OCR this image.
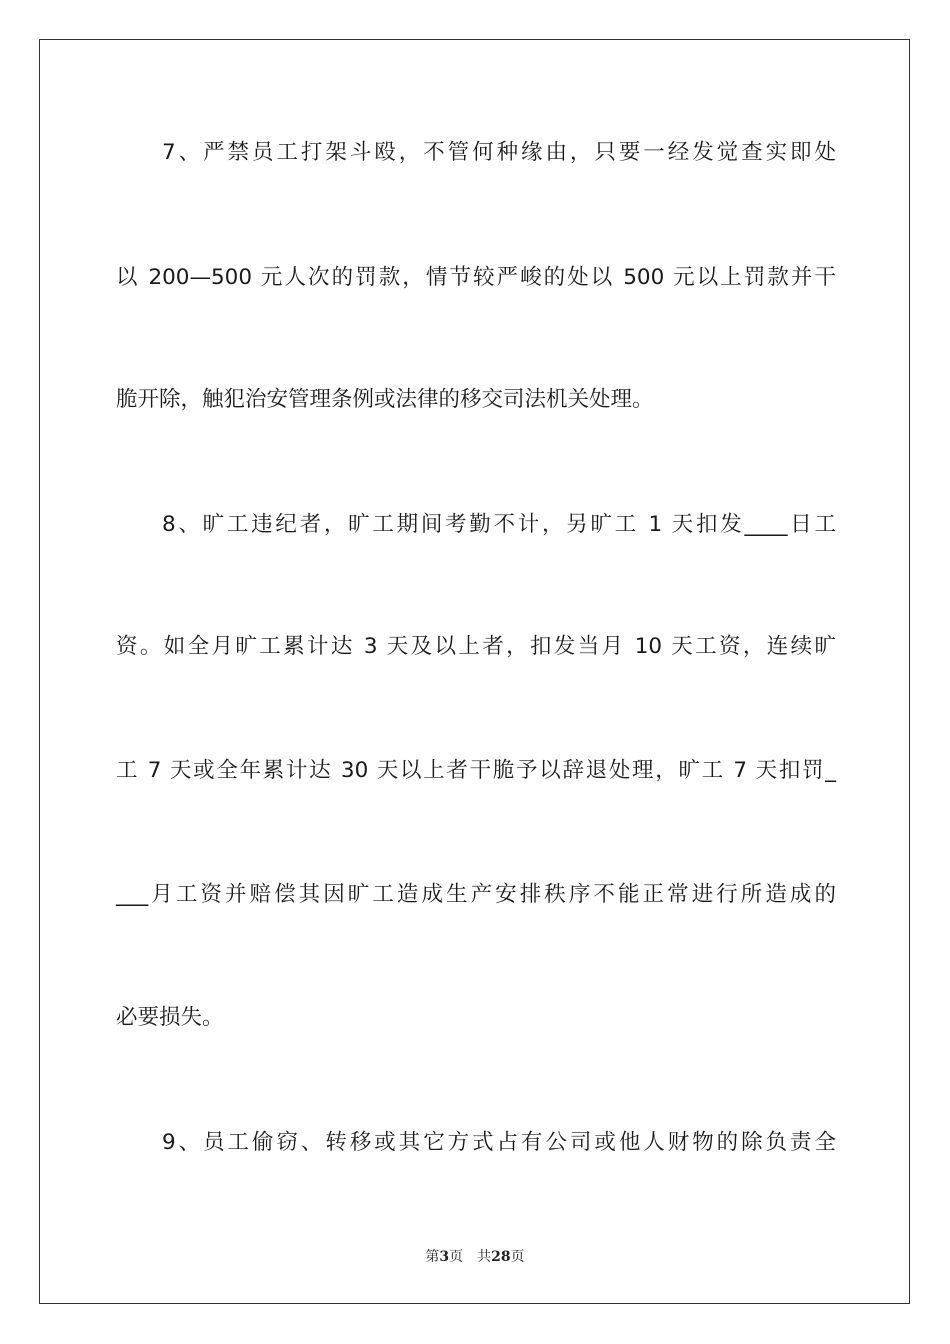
7、严禁员工打架斗殴，不管何种缘由，只要一经发觉查实即处
以 200—500 元人次的罚款，情节较严峻的处以 500 元以上罚款并干
脆开除，触犯治安管理条例或法律的移交司法机关处理。
8、旷工违纪者，旷工期间考勤不计，另旷工 1 天扣发____日工
资。如全月旷工累计达 3 天及以上者，扣发当月 10 天工资，连续旷
工 7 天或全年累计达 30 天以上者干脆予以辞退处理，旷工 7 天扣罚_
___月工资并赔偿其因旷工造成生产安排秩序不能正常进行所造成的
必要损失。
9、员工偷窃、转移或其它方式占有公司或他人财物的除负责全
第3页 共28页
